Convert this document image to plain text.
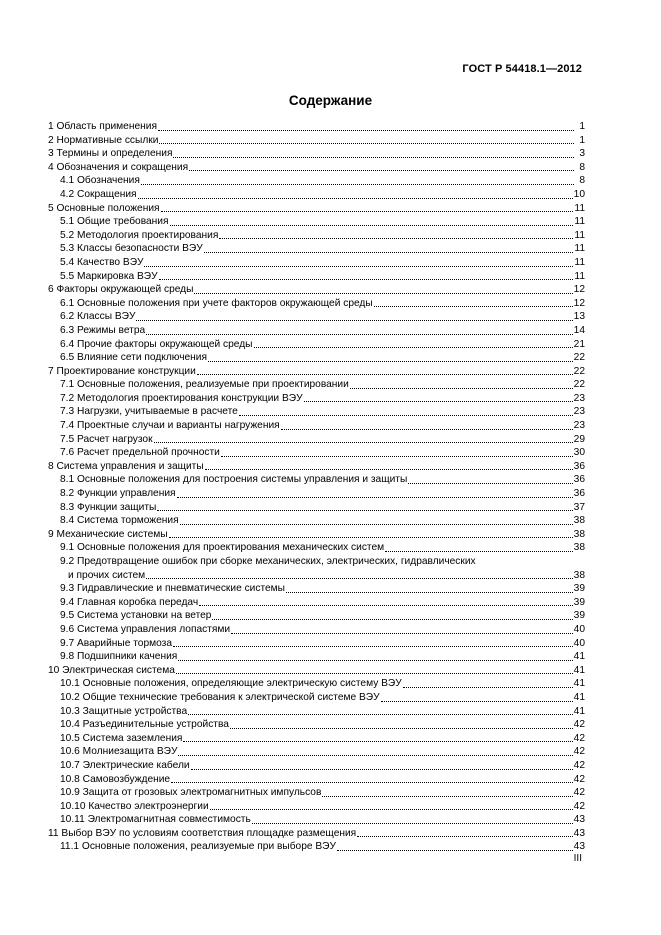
ГОСТ Р 54418.1—2012
Содержание
1 Область применения	1
2 Нормативные ссылки	1
3 Термины и определения	3
4 Обозначения и сокращения	8
4.1 Обозначения	8
4.2 Сокращения	10
5 Основные положения	11
5.1 Общие требования	11
5.2 Методология проектирования	11
5.3 Классы безопасности ВЭУ	11
5.4 Качество ВЭУ	11
5.5 Маркировка ВЭУ	11
6 Факторы окружающей среды	12
6.1 Основные положения при учете факторов окружающей среды	12
6.2 Классы ВЭУ	13
6.3 Режимы ветра	14
6.4 Прочие факторы окружающей среды	21
6.5 Влияние сети подключения	22
7 Проектирование конструкции	22
7.1 Основные положения, реализуемые при проектировании	22
7.2 Методология проектирования конструкции ВЭУ	23
7.3 Нагрузки, учитываемые в расчете	23
7.4 Проектные случаи и варианты нагружения	23
7.5 Расчет нагрузок	29
7.6 Расчет предельной прочности	30
8 Система управления и защиты	36
8.1 Основные положения для построения системы управления и защиты	36
8.2 Функции управления	36
8.3 Функции защиты	37
8.4 Система торможения	38
9 Механические системы	38
9.1 Основные положения для проектирования механических систем	38
9.2 Предотвращение ошибок при сборке механических, электрических, гидравлических
и прочих систем	38
9.3 Гидравлические и пневматические системы	39
9.4 Главная коробка передач	39
9.5 Система установки на ветер	39
9.6 Система управления лопастями	40
9.7 Аварийные тормоза	40
9.8 Подшипники качения	41
10 Электрическая система	41
10.1 Основные положения, определяющие электрическую систему ВЭУ	41
10.2 Общие технические требования к электрической системе ВЭУ	41
10.3 Защитные устройства	41
10.4 Разъединительные устройства	42
10.5 Система заземления	42
10.6 Молниезащита ВЭУ	42
10.7 Электрические кабели	42
10.8 Самовозбуждение	42
10.9 Защита от грозовых электромагнитных импульсов	42
10.10 Качество электроэнергии	42
10.11 Электромагнитная совместимость	43
11 Выбор ВЭУ по условиям соответствия площадке размещения	43
11.1 Основные положения, реализуемые при выборе ВЭУ	43
III
